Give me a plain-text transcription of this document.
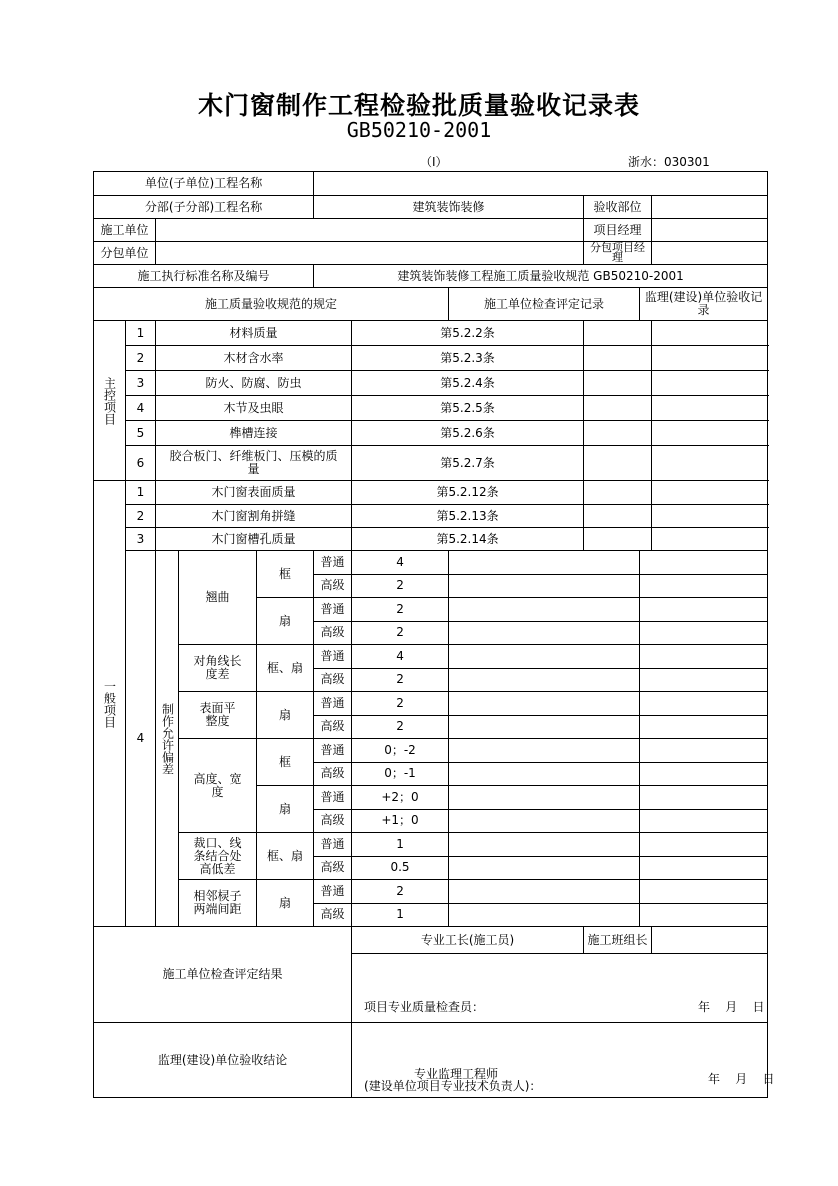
木门窗制作工程检验批质量验收记录表
GB50210-2001
（Ⅰ）	浙水：030301
单位(子单位)工程名称										
分部(子分部)工程名称					建筑装饰装修			验收部位		
施工单位								项目经理		
分包单位								分包项目经理		
施工执行标准名称及编号					建筑装饰装修工程施工质量验收规范 GB50210-2001					
施工质量验收规范的规定							施工单位检查评定记录		监理(建设)单位验收记录	
主控项目	1	材料质量				第5.2.2条				
	2	木材含水率				第5.2.3条				
	3	防火、防腐、防虫				第5.2.4条				
	4	木节及虫眼				第5.2.5条				
	5	榫槽连接				第5.2.6条				
	6	胶合板门、纤维板门、压模的质量				第5.2.7条				
一般项目	1	木门窗表面质量				第5.2.12条				
	2	木门窗割角拼缝				第5.2.13条				
	3	木门窗槽孔质量				第5.2.14条				
	4	制作允许偏差	翘曲	框	普通	4				
					高级	2				
				扇	普通	2				
					高级	2				
			对角线长度差	框、扇	普通	4				
					高级	2				
			表面平整度	扇	普通	2				
					高级	2				
			高度、宽度	框	普通	0；-2				
					高级	0；-1				
				扇	普通	+2；0				
					高级	+1；0				
			裁口、线条结合处高低差	框、扇	普通	1				
					高级	0.5				
			相邻棂子两端间距	扇	普通	2				
					高级	1				
施工单位检查评定结果						专业工长(施工员)		施工班组长		

						项目专业质量检查员： 年    月    日				

监理(建设)单位验收结论						专业监理工程师
(建设单位项目专业技术负责人)： 年    月    日				
